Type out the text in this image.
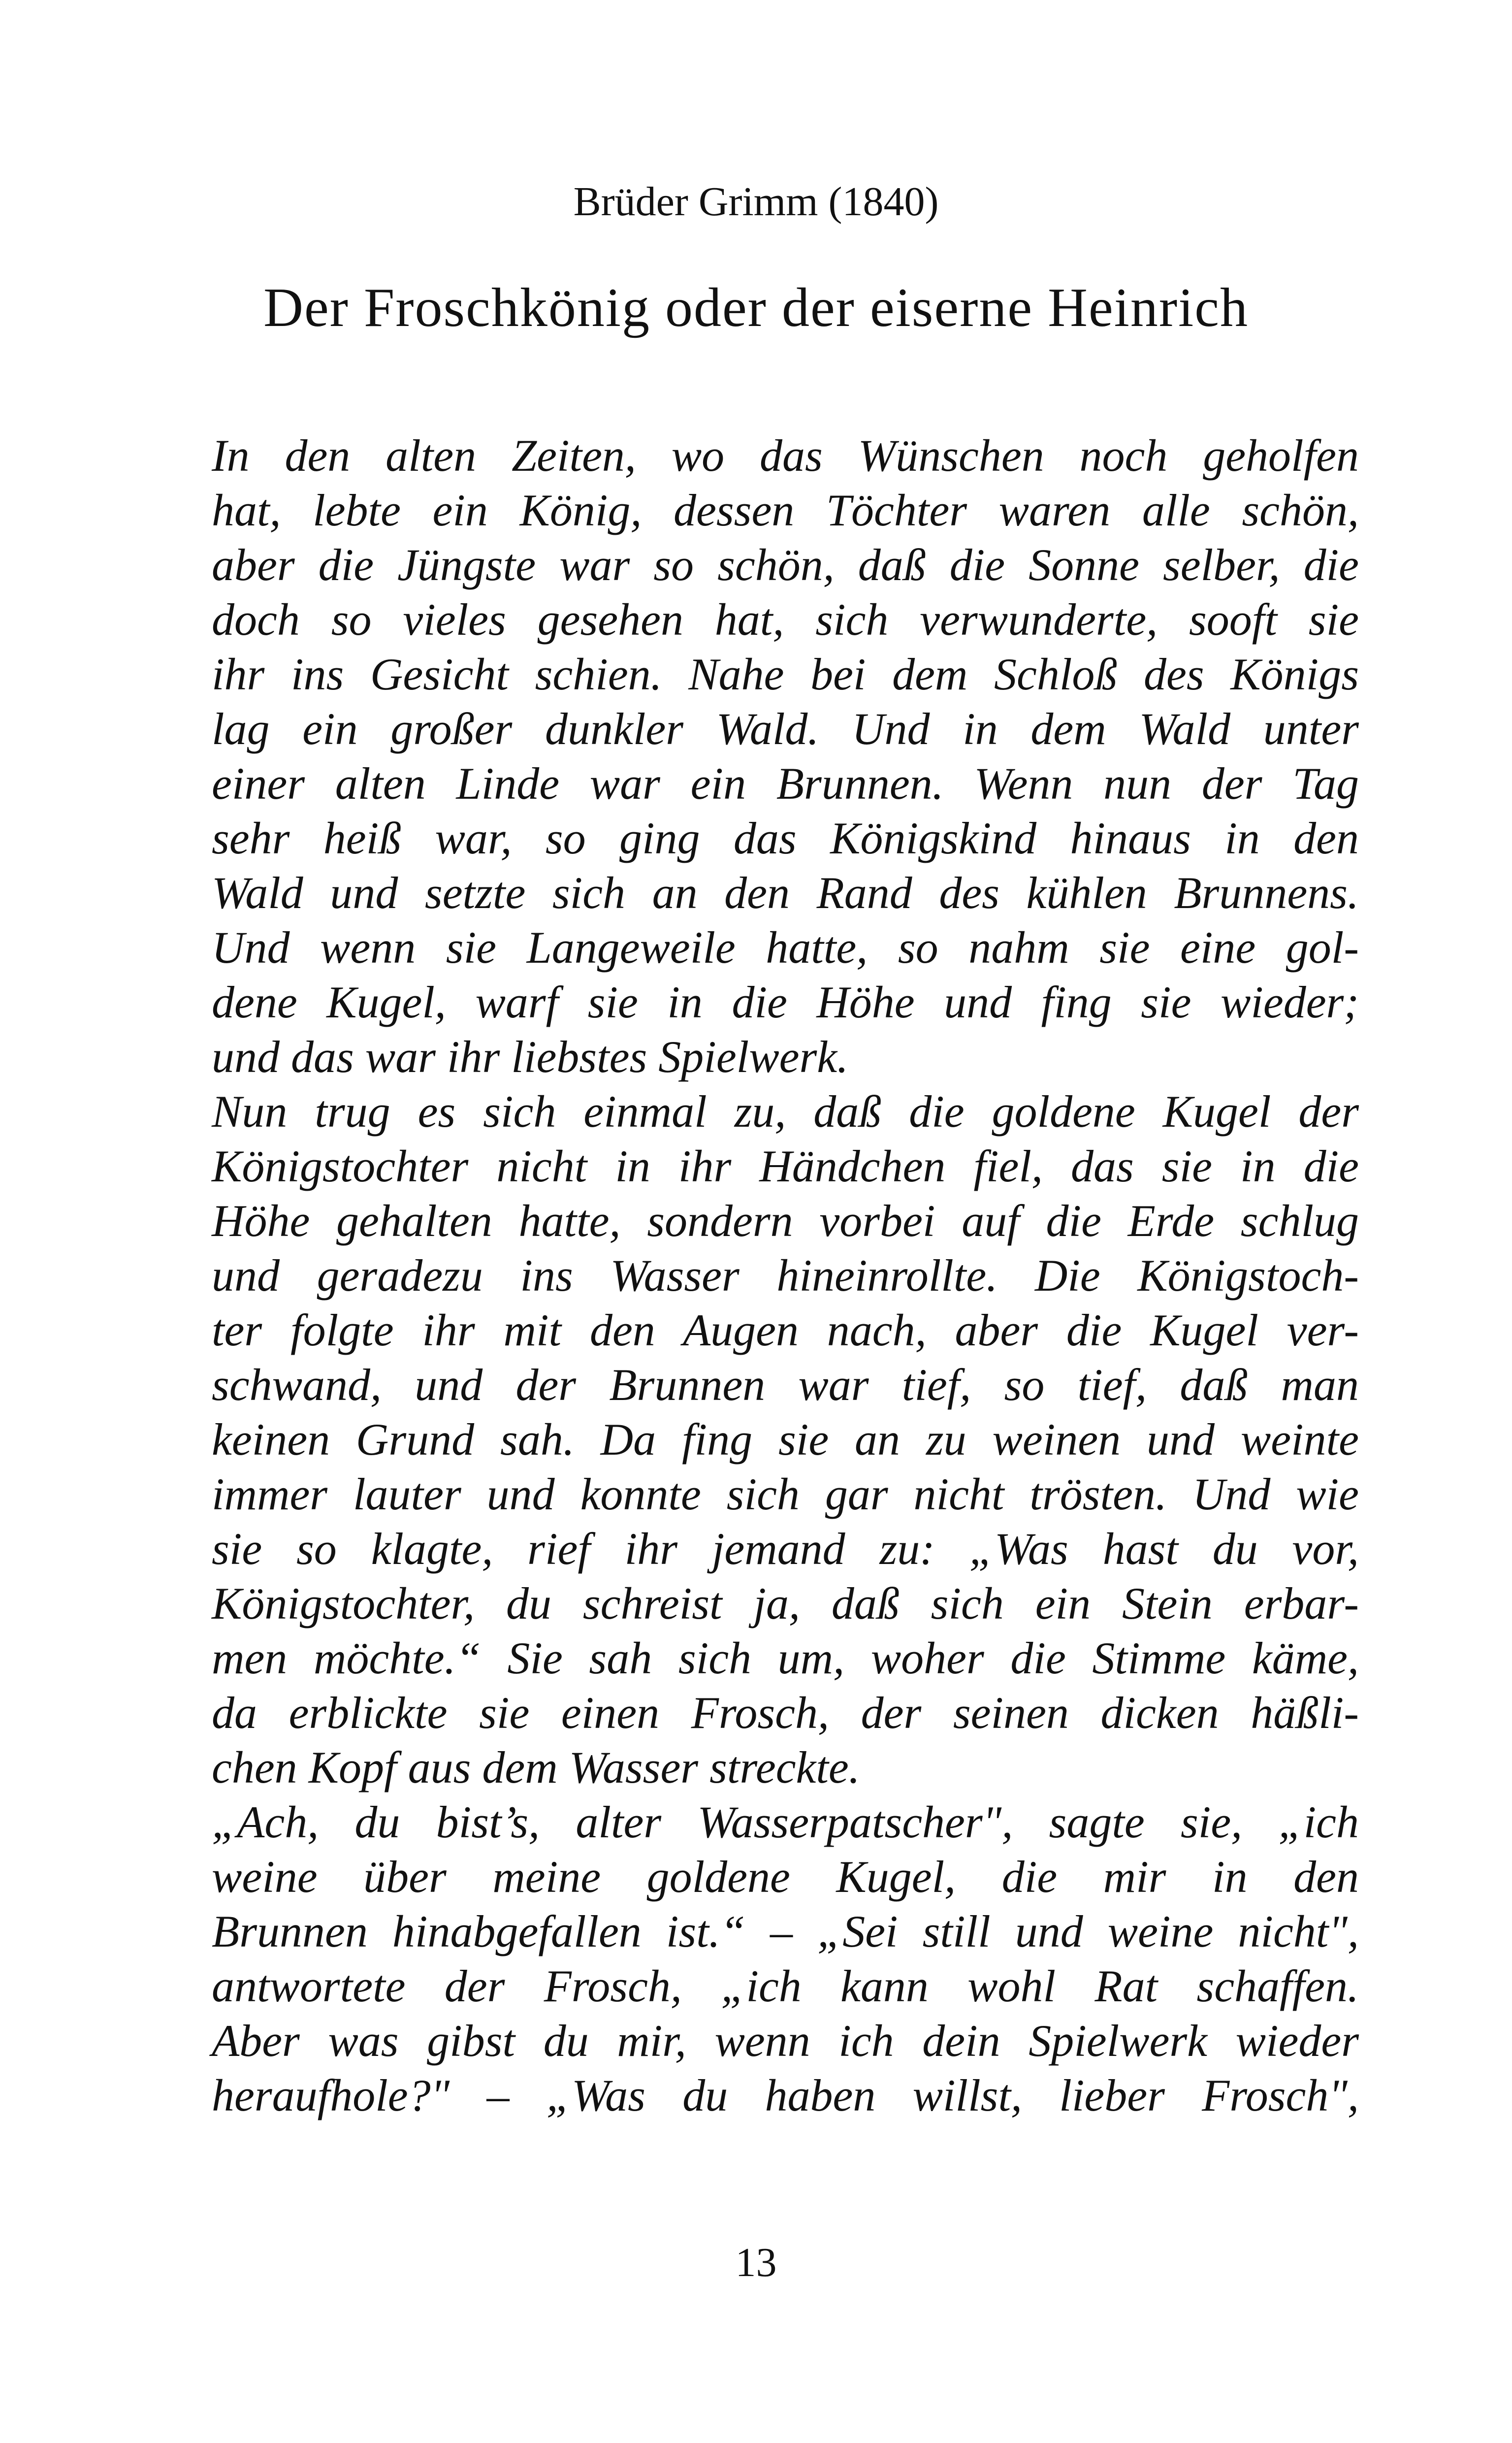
Brüder Grimm (1840)
Der Froschkönig oder der eiserne Heinrich
In den alten Zeiten, wo das Wünschen noch geholfen
hat, lebte ein König, dessen Töchter waren alle schön,
aber die Jüngste war so schön, daß die Sonne selber, die
doch so vieles gesehen hat, sich verwunderte, sooft sie
ihr ins Gesicht schien. Nahe bei dem Schloß des Königs
lag ein großer dunkler Wald. Und in dem Wald unter
einer alten Linde war ein Brunnen. Wenn nun der Tag
sehr heiß war, so ging das Königskind hinaus in den
Wald und setzte sich an den Rand des kühlen Brunnens.
Und wenn sie Langeweile hatte, so nahm sie eine gol-
dene Kugel, warf sie in die Höhe und fing sie wieder;
und das war ihr liebstes Spielwerk.
Nun trug es sich einmal zu, daß die goldene Kugel der
Königstochter nicht in ihr Händchen fiel, das sie in die
Höhe gehalten hatte, sondern vorbei auf die Erde schlug
und geradezu ins Wasser hineinrollte. Die Königstoch-
ter folgte ihr mit den Augen nach, aber die Kugel ver-
schwand, und der Brunnen war tief, so tief, daß man
keinen Grund sah. Da fing sie an zu weinen und weinte
immer lauter und konnte sich gar nicht trösten. Und wie
sie so klagte, rief ihr jemand zu: „Was hast du vor,
Königstochter, du schreist ja, daß sich ein Stein erbar-
men möchte.“ Sie sah sich um, woher die Stimme käme,
da erblickte sie einen Frosch, der seinen dicken häßli-
chen Kopf aus dem Wasser streckte.
„Ach, du bist’s, alter Wasserpatscher", sagte sie, „ich
weine über meine goldene Kugel, die mir in den
Brunnen hinabgefallen ist.“ – „Sei still und weine nicht",
antwortete der Frosch, „ich kann wohl Rat schaffen.
Aber was gibst du mir, wenn ich dein Spielwerk wieder
heraufhole?" – „Was du haben willst, lieber Frosch",
13
